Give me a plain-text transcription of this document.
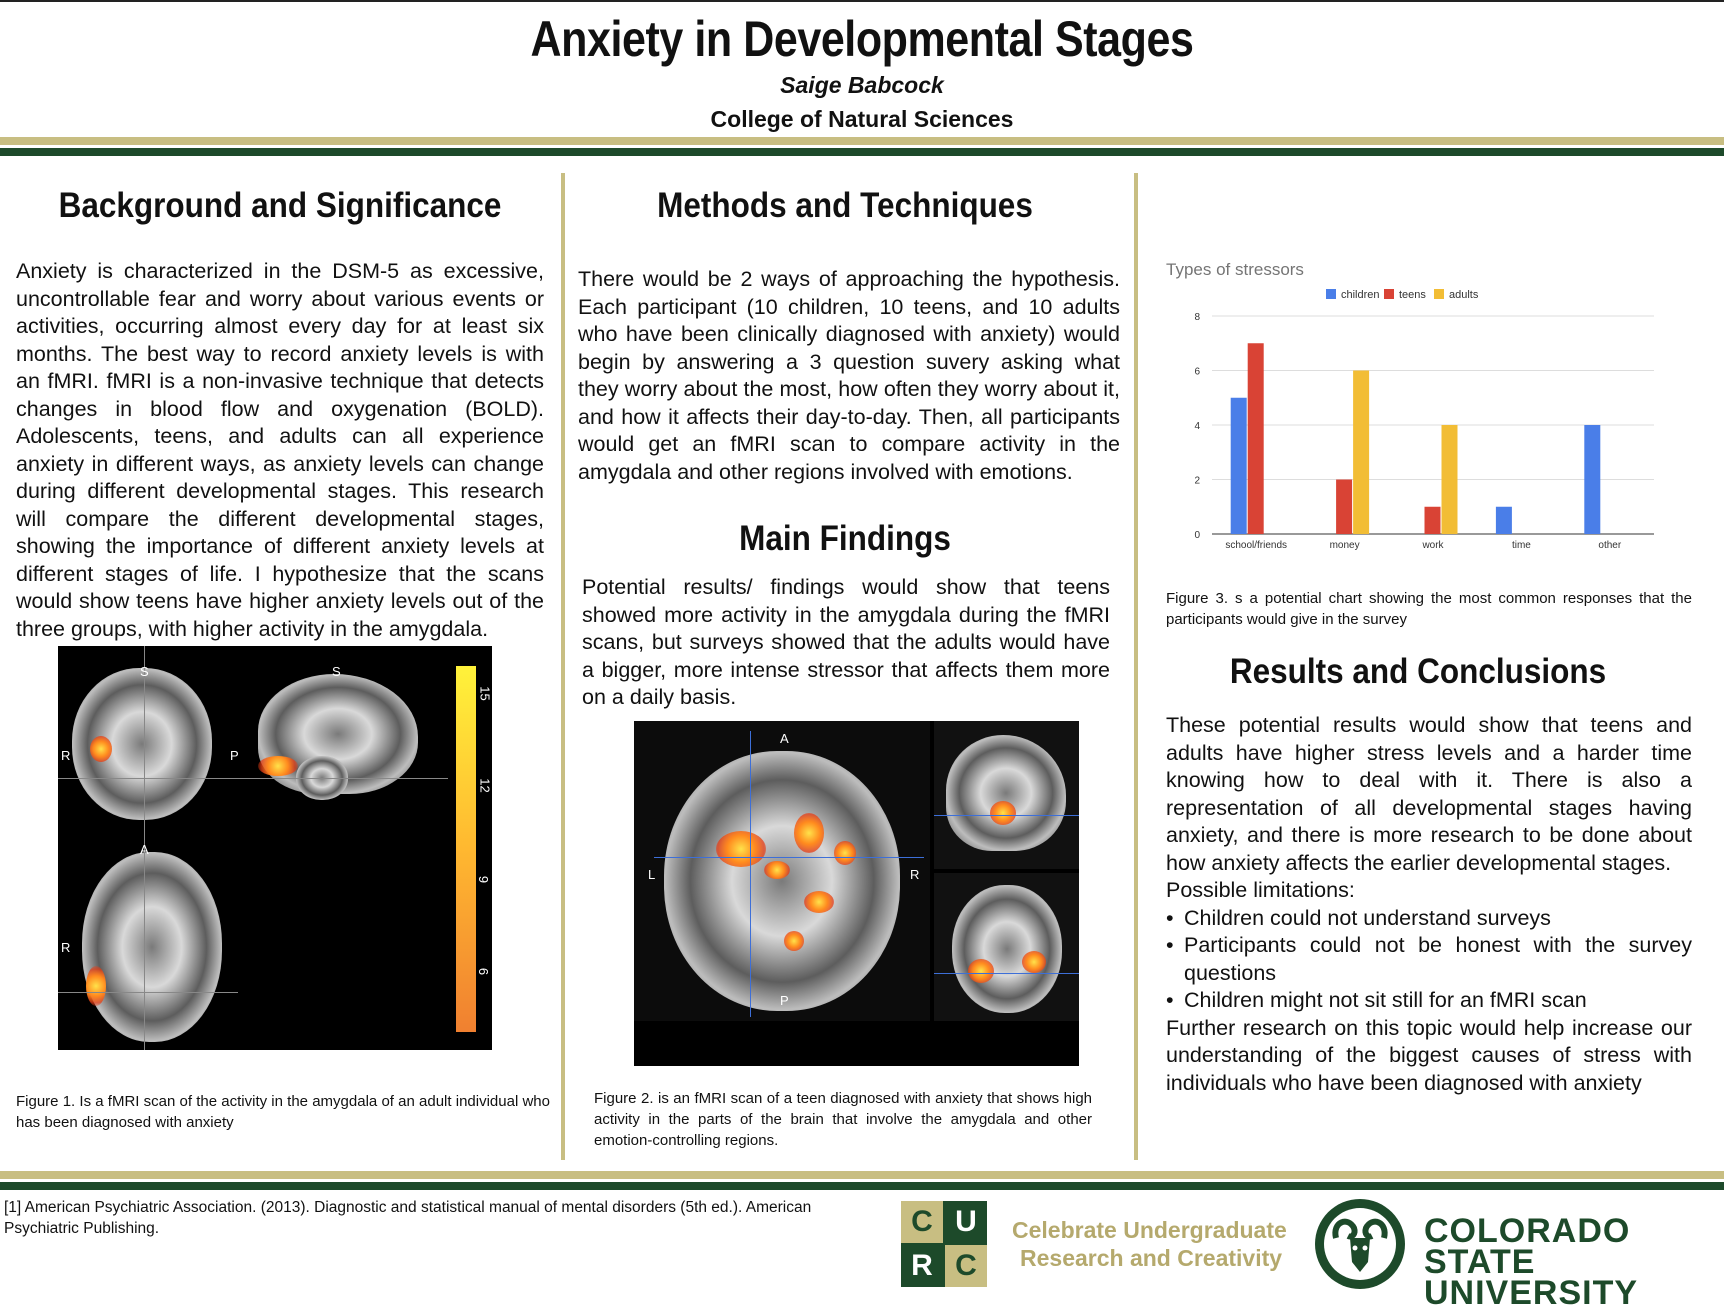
Anxiety in Developmental Stages
Saige Babcock
College of Natural Sciences
Background and Significance

Anxiety is characterized in the DSM-5 as excessive, uncontrollable fear and worry about various events or activities, occurring almost every day for at least six months. The best way to record anxiety levels is with an fMRI. fMRI is a non-invasive technique that detects changes in blood flow and oxygenation (BOLD). Adolescents, teens, and adults can all experience anxiety in different ways, as anxiety levels can change during different developmental stages. This research will compare the different developmental stages, showing the importance of different anxiety levels at different stages of life. I hypothesize that the scans would show teens have higher anxiety levels out of the three groups, with higher activity in the amygdala.

S	S
R	P
A
R
15
12
9
6

Figure 1. Is a fMRI scan of the activity in the amygdala of an adult individual who has been diagnosed with anxiety

Methods and Techniques

There would be 2 ways of approaching the hypothesis. Each participant (10 children, 10 teens, and 10 adults who have been clinically diagnosed with anxiety) would begin by answering a 3 question suvery asking what they worry about the most, how often they worry about it, and how it affects their day-to-day. Then, all participants would get an fMRI scan to compare activity in the amygdala and other regions involved with emotions.

Main Findings

Potential results/ findings would show that teens showed more activity in the amygdala during the fMRI scans, but surveys showed that the adults would have a bigger, more intense stressor that affects them more on a daily basis.

A
L	R
P

Figure 2. is an fMRI scan of a teen diagnosed with anxiety that shows high activity in the parts of the brain that involve the amygdala and other emotion-controlling regions.

Types of stressors
0
2
4
6
8
children teens adults
school/friends	money	work	time	other

Figure 3. s a potential chart showing the most common responses that the participants would give in the survey

Results and Conclusions
These potential results would show that teens and adults have higher stress levels and a harder time knowing how to deal with it. There is also a representation of all developmental stages having anxiety, and there is more research to be done about how anxiety affects the earlier developmental stages.
Possible limitations:
• Children could not understand surveys
• Participants could not be honest with the survey questions
• Children might not sit still for an fMRI scan
Further research on this topic would help increase our understanding of the biggest causes of stress with individuals who have been diagnosed with anxiety

[1] American Psychiatric Association. (2013). Diagnostic and statistical manual of mental disorders (5th ed.). American Psychiatric Publishing.	C U
R C
Celebrate Undergraduate
Research and Creativity
COLORADO STATE
UNIVERSITY
